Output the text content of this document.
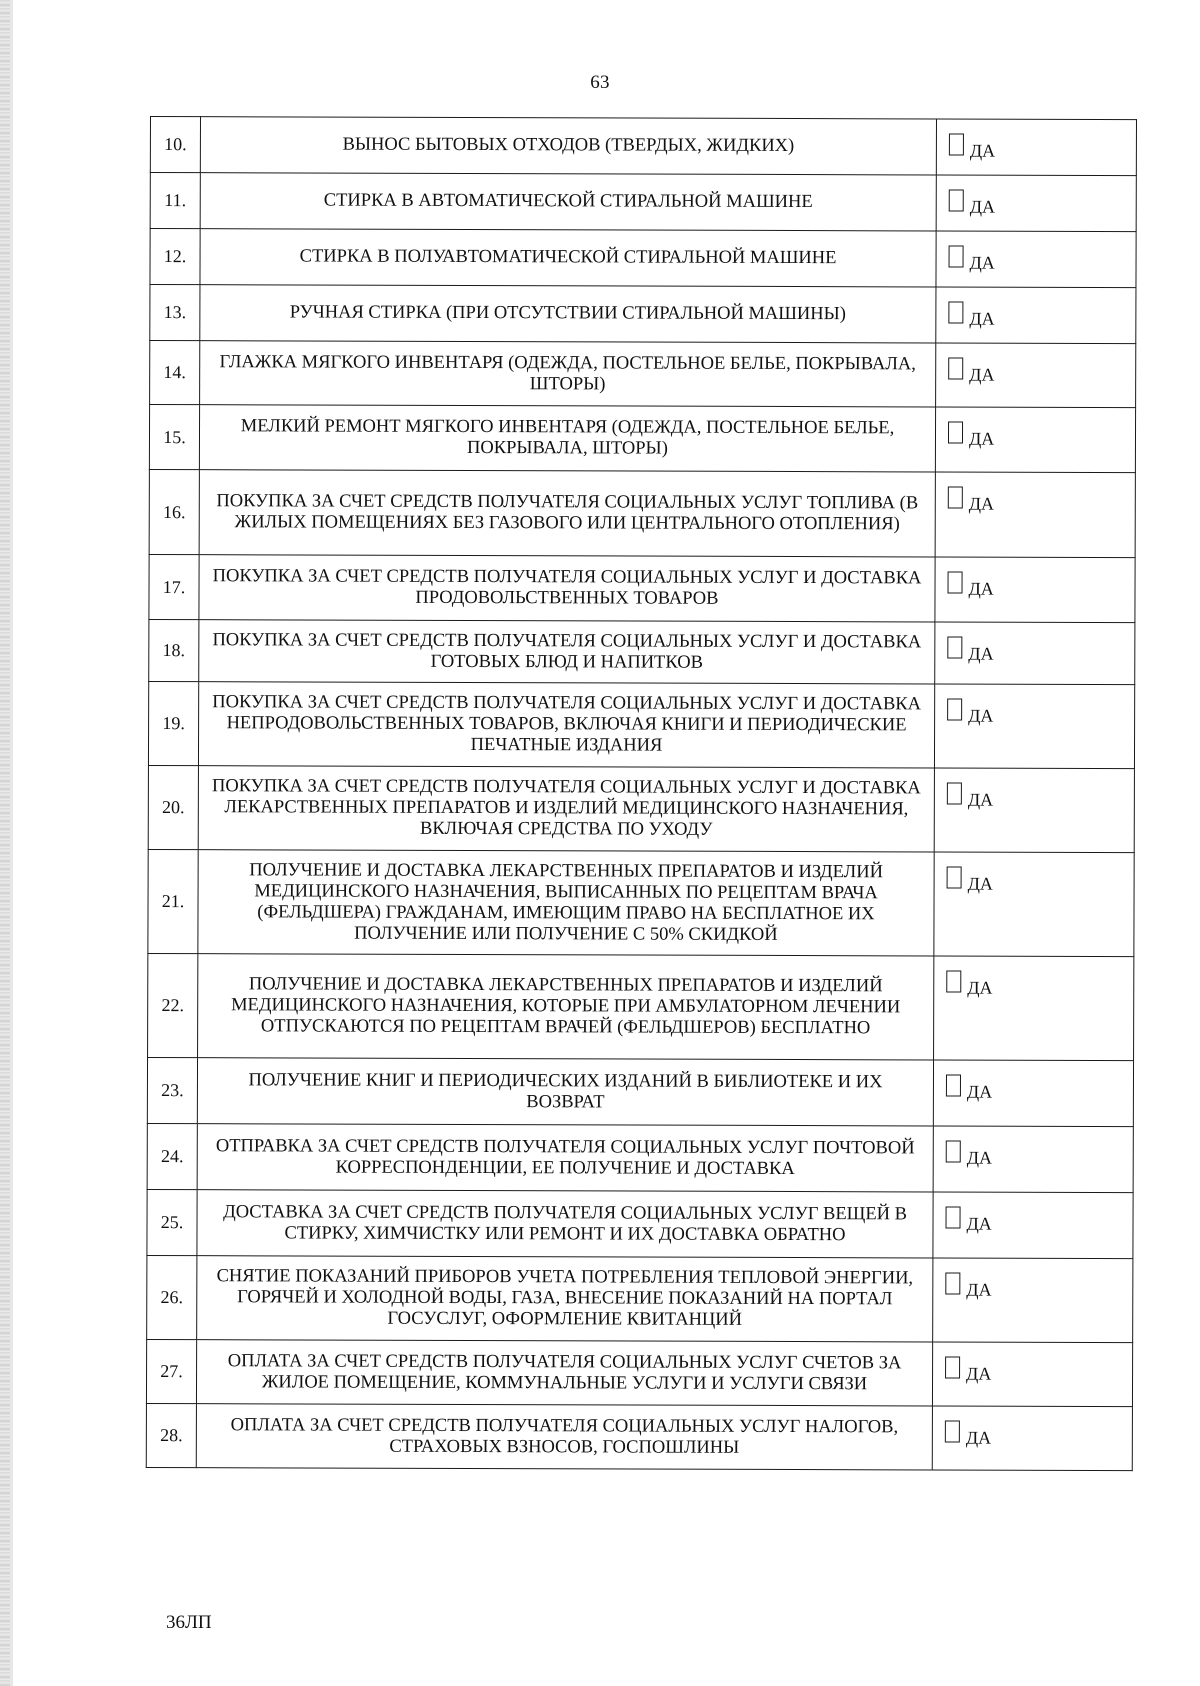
63
10.	ВЫНОС БЫТОВЫХ ОТХОДОВ (ТВЕРДЫХ, ЖИДКИХ)	ДА

11.	СТИРКА В АВТОМАТИЧЕСКОЙ СТИРАЛЬНОЙ МАШИНЕ	ДА

12.	СТИРКА В ПОЛУАВТОМАТИЧЕСКОЙ СТИРАЛЬНОЙ МАШИНЕ	ДА

13.	РУЧНАЯ СТИРКА (ПРИ ОТСУТСТВИИ СТИРАЛЬНОЙ МАШИНЫ)	ДА

14.	ГЛАЖКА МЯГКОГО ИНВЕНТАРЯ (ОДЕЖДА, ПОСТЕЛЬНОЕ БЕЛЬЕ, ПОКРЫВАЛА, ШТОРЫ)	ДА

15.	МЕЛКИЙ РЕМОНТ МЯГКОГО ИНВЕНТАРЯ (ОДЕЖДА, ПОСТЕЛЬНОЕ БЕЛЬЕ, ПОКРЫВАЛА, ШТОРЫ)	ДА

16.	ПОКУПКА ЗА СЧЕТ СРЕДСТВ ПОЛУЧАТЕЛЯ СОЦИАЛЬНЫХ УСЛУГ ТОПЛИВА (В ЖИЛЫХ ПОМЕЩЕНИЯХ БЕЗ ГАЗОВОГО ИЛИ ЦЕНТРАЛЬНОГО ОТОПЛЕНИЯ)	ДА

17.	ПОКУПКА ЗА СЧЕТ СРЕДСТВ ПОЛУЧАТЕЛЯ СОЦИАЛЬНЫХ УСЛУГ И ДОСТАВКА ПРОДОВОЛЬСТВЕННЫХ ТОВАРОВ	ДА

18.	ПОКУПКА ЗА СЧЕТ СРЕДСТВ ПОЛУЧАТЕЛЯ СОЦИАЛЬНЫХ УСЛУГ И ДОСТАВКА ГОТОВЫХ БЛЮД И НАПИТКОВ	ДА

19.	ПОКУПКА ЗА СЧЕТ СРЕДСТВ ПОЛУЧАТЕЛЯ СОЦИАЛЬНЫХ УСЛУГ И ДОСТАВКА НЕПРОДОВОЛЬСТВЕННЫХ ТОВАРОВ, ВКЛЮЧАЯ КНИГИ И ПЕРИОДИЧЕСКИЕ ПЕЧАТНЫЕ ИЗДАНИЯ	ДА

20.	ПОКУПКА ЗА СЧЕТ СРЕДСТВ ПОЛУЧАТЕЛЯ СОЦИАЛЬНЫХ УСЛУГ И ДОСТАВКА ЛЕКАРСТВЕННЫХ ПРЕПАРАТОВ И ИЗДЕЛИЙ МЕДИЦИНСКОГО НАЗНАЧЕНИЯ, ВКЛЮЧАЯ СРЕДСТВА ПО УХОДУ	ДА

21.	ПОЛУЧЕНИЕ И ДОСТАВКА ЛЕКАРСТВЕННЫХ ПРЕПАРАТОВ И ИЗДЕЛИЙ МЕДИЦИНСКОГО НАЗНАЧЕНИЯ, ВЫПИСАННЫХ ПО РЕЦЕПТАМ ВРАЧА (ФЕЛЬДШЕРА) ГРАЖДАНАМ, ИМЕЮЩИМ ПРАВО НА БЕСПЛАТНОЕ ИХ ПОЛУЧЕНИЕ ИЛИ ПОЛУЧЕНИЕ С 50% СКИДКОЙ	ДА

22.	ПОЛУЧЕНИЕ И ДОСТАВКА ЛЕКАРСТВЕННЫХ ПРЕПАРАТОВ И ИЗДЕЛИЙ МЕДИЦИНСКОГО НАЗНАЧЕНИЯ, КОТОРЫЕ ПРИ АМБУЛАТОРНОМ ЛЕЧЕНИИ ОТПУСКАЮТСЯ ПО РЕЦЕПТАМ ВРАЧЕЙ (ФЕЛЬДШЕРОВ) БЕСПЛАТНО	ДА

23.	ПОЛУЧЕНИЕ КНИГ И ПЕРИОДИЧЕСКИХ ИЗДАНИЙ В БИБЛИОТЕКЕ И ИХ ВОЗВРАТ	ДА

24.	ОТПРАВКА ЗА СЧЕТ СРЕДСТВ ПОЛУЧАТЕЛЯ СОЦИАЛЬНЫХ УСЛУГ ПОЧТОВОЙ КОРРЕСПОНДЕНЦИИ, ЕЕ ПОЛУЧЕНИЕ И ДОСТАВКА	ДА

25.	ДОСТАВКА ЗА СЧЕТ СРЕДСТВ ПОЛУЧАТЕЛЯ СОЦИАЛЬНЫХ УСЛУГ ВЕЩЕЙ В СТИРКУ, ХИМЧИСТКУ ИЛИ РЕМОНТ И ИХ ДОСТАВКА ОБРАТНО	ДА

26.	СНЯТИЕ ПОКАЗАНИЙ ПРИБОРОВ УЧЕТА ПОТРЕБЛЕНИЯ ТЕПЛОВОЙ ЭНЕРГИИ, ГОРЯЧЕЙ И ХОЛОДНОЙ ВОДЫ, ГАЗА, ВНЕСЕНИЕ ПОКАЗАНИЙ НА ПОРТАЛ ГОСУСЛУГ, ОФОРМЛЕНИЕ КВИТАНЦИЙ	ДА

27.	ОПЛАТА ЗА СЧЕТ СРЕДСТВ ПОЛУЧАТЕЛЯ СОЦИАЛЬНЫХ УСЛУГ СЧЕТОВ ЗА ЖИЛОЕ ПОМЕЩЕНИЕ, КОММУНАЛЬНЫЕ УСЛУГИ И УСЛУГИ СВЯЗИ	ДА

28.	ОПЛАТА ЗА СЧЕТ СРЕДСТВ ПОЛУЧАТЕЛЯ СОЦИАЛЬНЫХ УСЛУГ НАЛОГОВ, СТРАХОВЫХ ВЗНОСОВ, ГОСПОШЛИНЫ	ДА
36ЛП
